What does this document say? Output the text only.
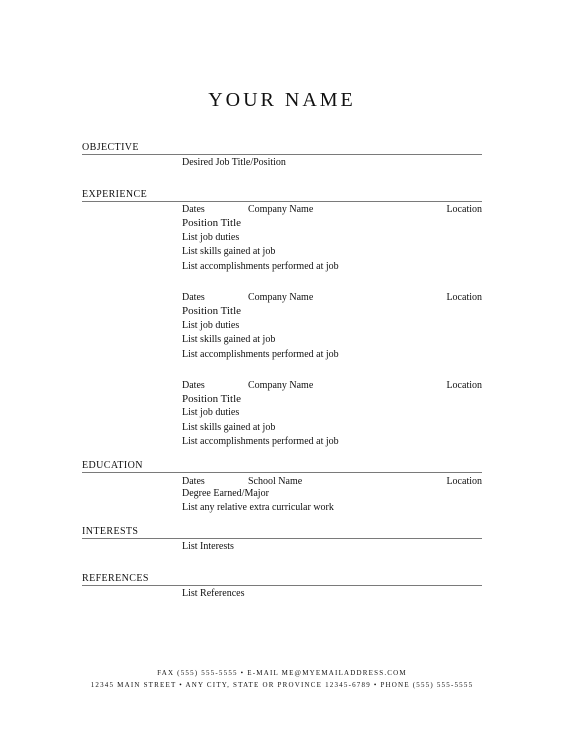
YOUR NAME
OBJECTIVE
Desired Job Title/Position
EXPERIENCE
Dates	Company Name	Location
Position Title
List job duties
List skills gained at job
List accomplishments performed at job
Dates	Company Name	Location
Position Title
List job duties
List skills gained at job
List accomplishments performed at job
Dates	Company Name	Location
Position Title
List job duties
List skills gained at job
List accomplishments performed at job
EDUCATION
Dates	School Name	Location
Degree Earned/Major
List any relative extra curricular work
INTERESTS
List Interests
REFERENCES
List References
FAX (555) 555-5555 • E-MAIL ME@MYEMAILADDRESS.COM
12345 MAIN STREET • ANY CITY, STATE OR PROVINCE 12345-6789 • PHONE (555) 555-5555
